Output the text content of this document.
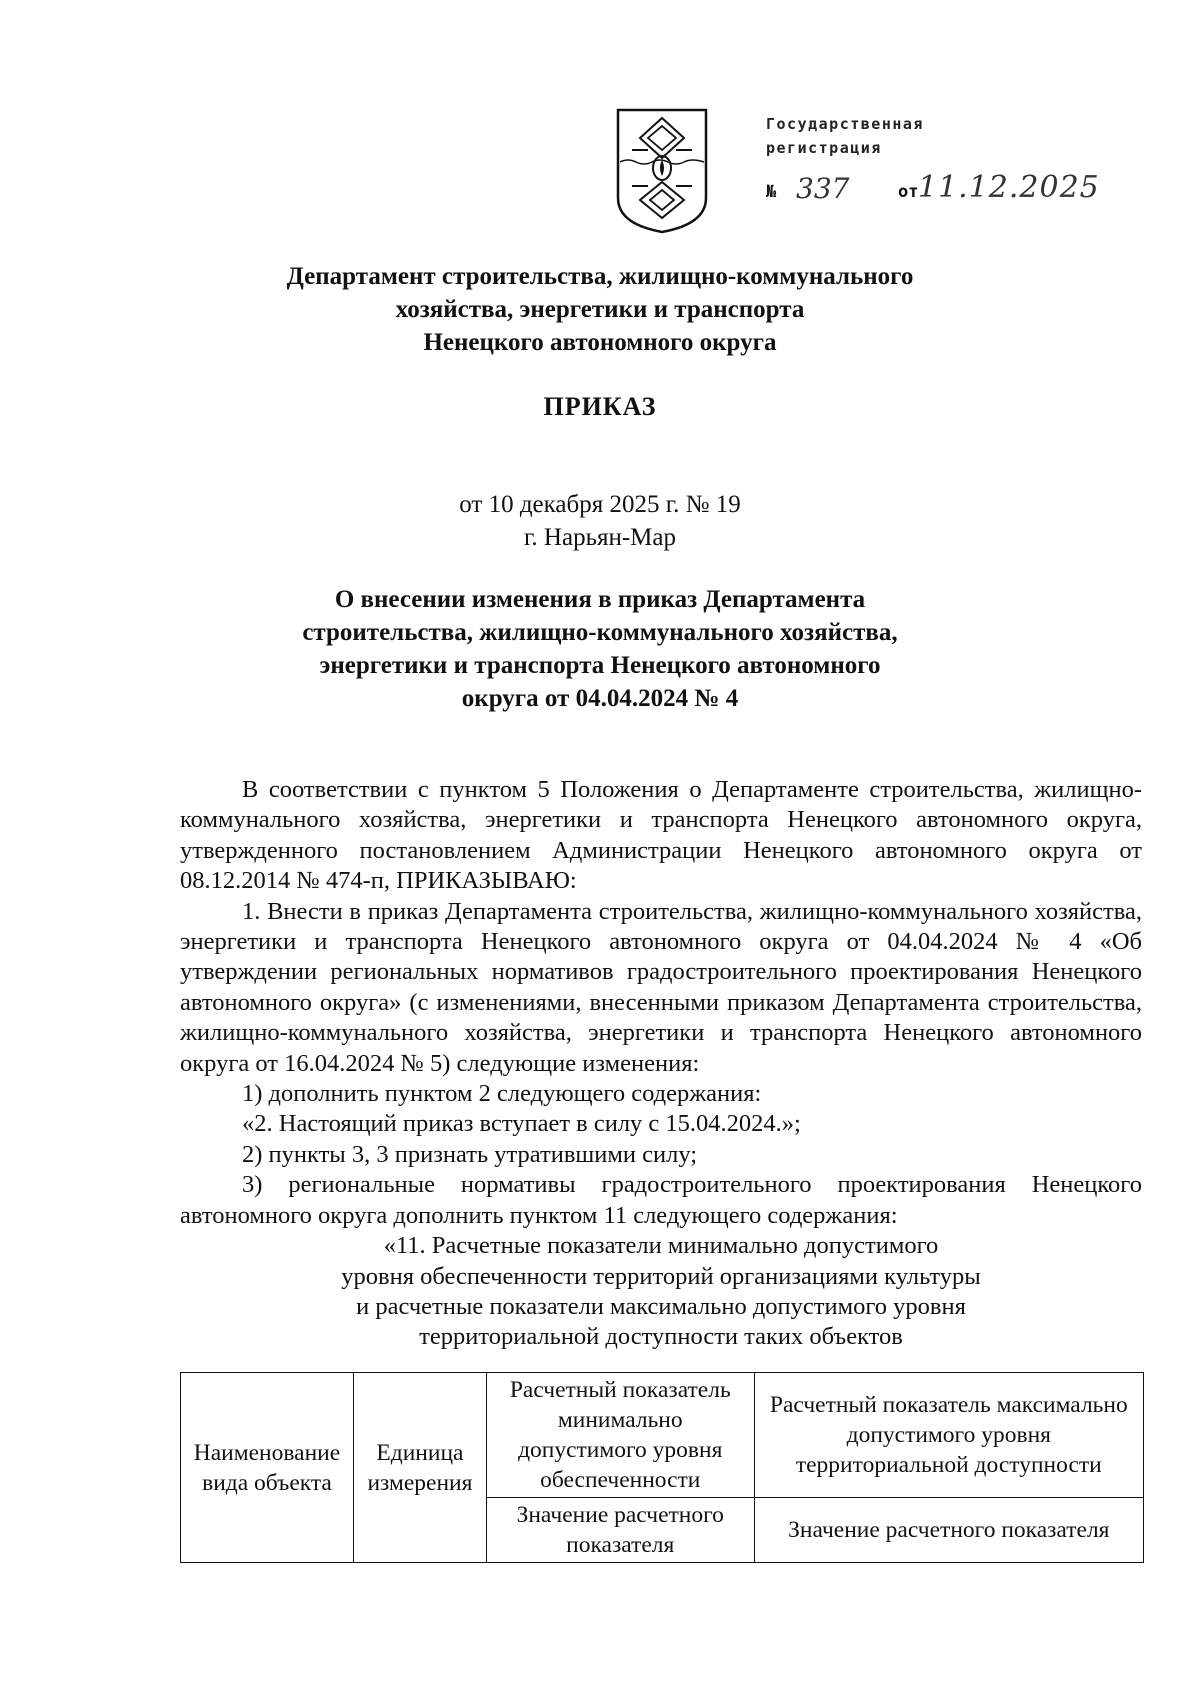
Государственная
регистрация
№ 337	от 11.12.2025
Департамент строительства, жилищно-коммунального
хозяйства, энергетики и транспорта
Ненецкого автономного округа
ПРИКАЗ
от 10 декабря 2025 г. № 19
г. Нарьян-Мар
О внесении изменения в приказ Департамента
строительства, жилищно-коммунального хозяйства,
энергетики и транспорта Ненецкого автономного
округа от 04.04.2024 № 4

В соответствии с пунктом 5 Положения о Департаменте строительства, жилищно-коммунального хозяйства, энергетики и транспорта Ненецкого автономного округа, утвержденного постановлением Администрации Ненецкого автономного округа от 08.12.2014 № 474-п, ПРИКАЗЫВАЮ:

1. Внести в приказ Департамента строительства, жилищно-коммунального хозяйства, энергетики и транспорта Ненецкого автономного округа от 04.04.2024 № 4 «Об утверждении региональных нормативов градостроительного проектирования Ненецкого автономного округа» (с изменениями, внесенными приказом Департамента строительства, жилищно-коммунального хозяйства, энергетики и транспорта Ненецкого автономного округа от 16.04.2024 № 5) следующие изменения:

1) дополнить пунктом 2 следующего содержания:

«2. Настоящий приказ вступает в силу с 15.04.2024.»;

2) пункты 3, 3 признать утратившими силу;

3) региональные нормативы градостроительного проектирования Ненецкого автономного округа дополнить пунктом 11 следующего содержания:

«11. Расчетные показатели минимально допустимого
уровня обеспеченности территорий организациями культуры
и расчетные показатели максимально допустимого уровня
территориальной доступности таких объектов
Наименование вида объекта	Единица измерения	Расчетный показатель минимально допустимого уровня обеспеченности	Расчетный показатель максимально допустимого уровня территориальной доступности
		Значение расчетного показателя	Значение расчетного показателя
